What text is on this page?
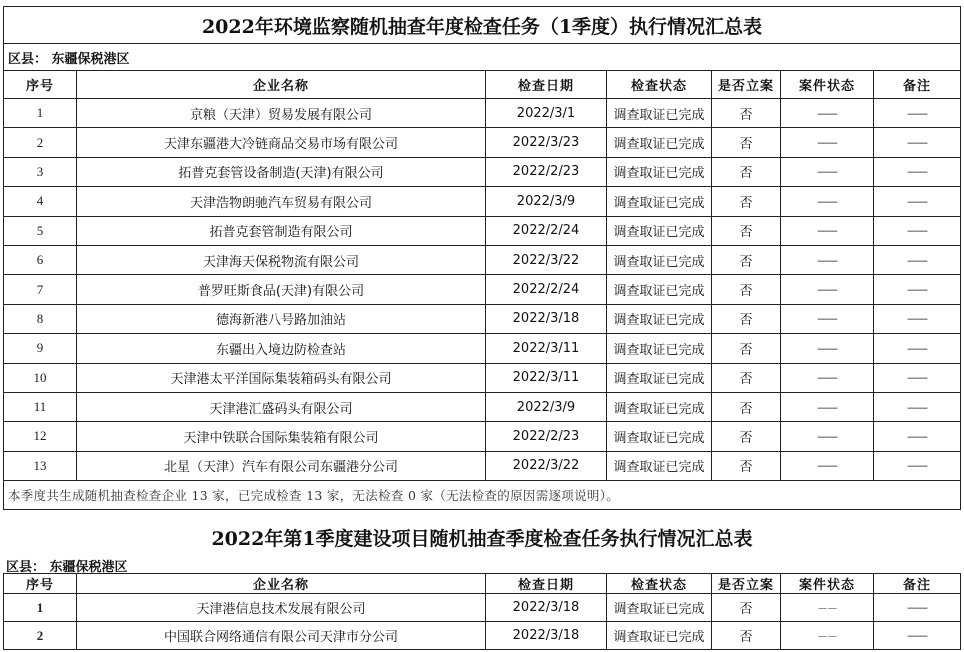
2022年环境监察随机抽查年度检查任务（1季度）执行情况汇总表						
区县： 东疆保税港区						
序号	企业名称	检查日期	检查状态	是否立案	案件状态	备注
1	京粮（天津）贸易发展有限公司	2022/3/1	调查取证已完成	否	——	——
2	天津东疆港大冷链商品交易市场有限公司	2022/3/23	调查取证已完成	否	——	——
3	拓普克套管设备制造(天津)有限公司	2022/2/23	调查取证已完成	否	——	——
4	天津浩物朗驰汽车贸易有限公司	2022/3/9	调查取证已完成	否	——	——
5	拓普克套管制造有限公司	2022/2/24	调查取证已完成	否	——	——
6	天津海天保税物流有限公司	2022/3/22	调查取证已完成	否	——	——
7	普罗旺斯食品(天津)有限公司	2022/2/24	调查取证已完成	否	——	——
8	德海新港八号路加油站	2022/3/18	调查取证已完成	否	——	——
9	东疆出入境边防检查站	2022/3/11	调查取证已完成	否	——	——
10	天津港太平洋国际集装箱码头有限公司	2022/3/11	调查取证已完成	否	——	——
11	天津港汇盛码头有限公司	2022/3/9	调查取证已完成	否	——	——
12	天津中铁联合国际集装箱有限公司	2022/2/23	调查取证已完成	否	——	——
13	北星（天津）汽车有限公司东疆港分公司	2022/3/22	调查取证已完成	否	——	——
本季度共生成随机抽查检查企业 13 家，已完成检查 13 家，无法检查 0 家（无法检查的原因需逐项说明）。						
2022年第1季度建设项目随机抽查季度检查任务执行情况汇总表
区县： 东疆保税港区
序号	企业名称	检查日期	检查状态	是否立案	案件状态	备注
1	天津港信息技术发展有限公司	2022/3/18	调查取证已完成	否	－－	——
2	中国联合网络通信有限公司天津市分公司	2022/3/18	调查取证已完成	否	－－	——
